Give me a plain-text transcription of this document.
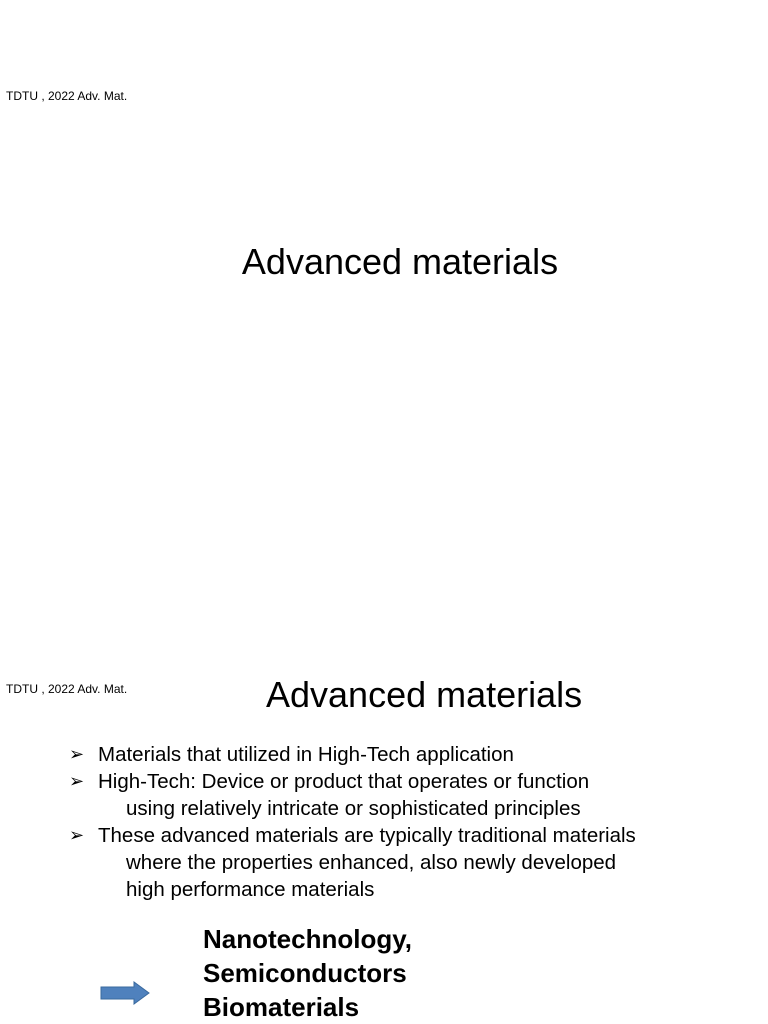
TDTU , 2022 Adv. Mat.
Advanced materials
TDTU , 2022 Adv. Mat.	Advanced materials
➢ Materials that utilized in High-Tech application
➢ High-Tech: Device or product that operates or function
using relatively intricate or sophisticated principles
➢ These advanced materials are typically traditional materials
where the properties enhanced, also newly developed
high performance materials
Nanotechnology,
Semiconductors
Biomaterials
